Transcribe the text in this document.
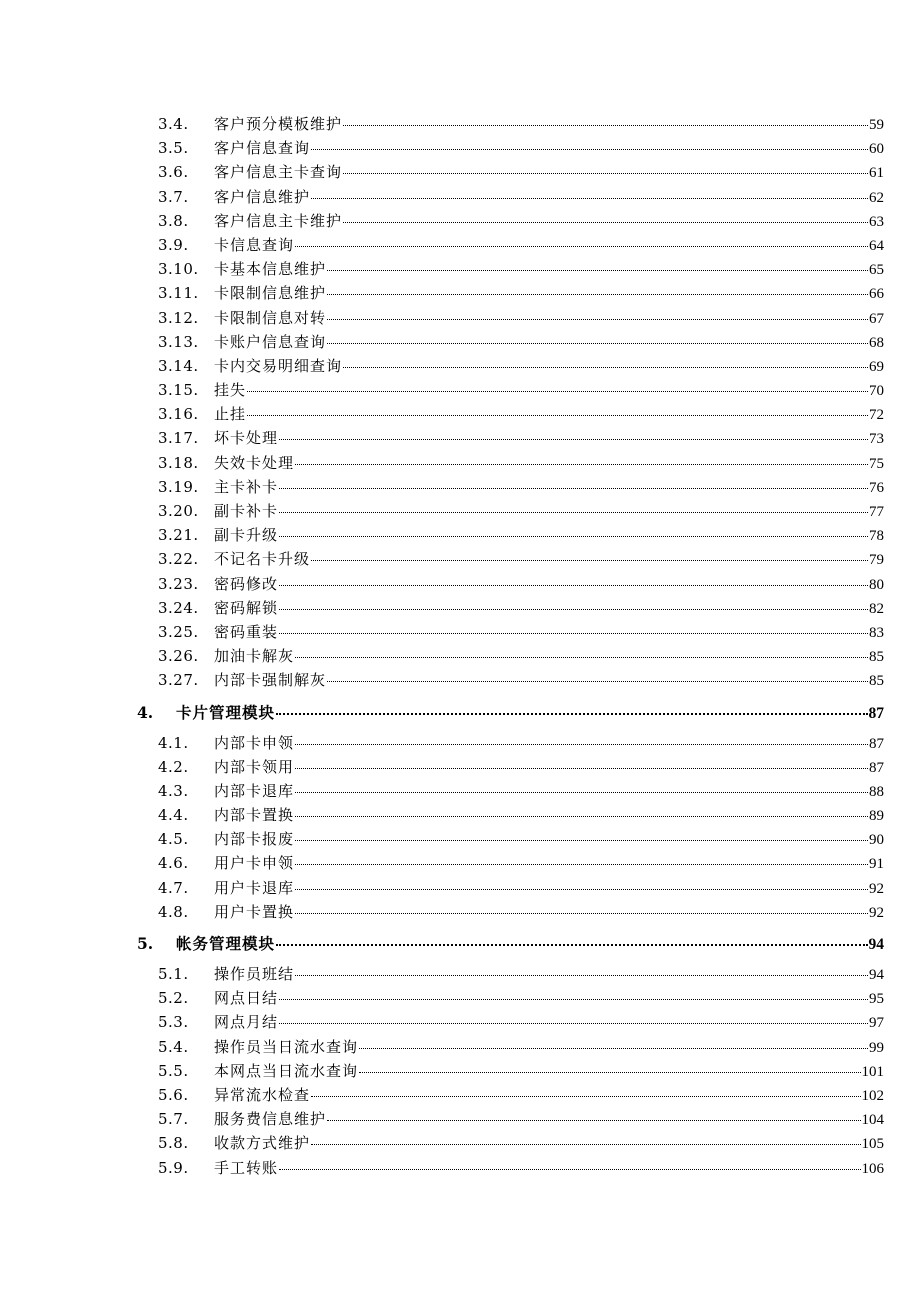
3.4. 客户预分模板维护	59
3.5. 客户信息查询	60
3.6. 客户信息主卡查询	61
3.7. 客户信息维护	62
3.8. 客户信息主卡维护	63
3.9. 卡信息查询	64
3.10. 卡基本信息维护	65
3.11. 卡限制信息维护	66
3.12. 卡限制信息对转	67
3.13. 卡账户信息查询	68
3.14. 卡内交易明细查询	69
3.15. 挂失	70
3.16. 止挂	72
3.17. 坏卡处理	73
3.18. 失效卡处理	75
3.19. 主卡补卡	76
3.20. 副卡补卡	77
3.21. 副卡升级	78
3.22. 不记名卡升级	79
3.23. 密码修改	80
3.24. 密码解锁	82
3.25. 密码重装	83
3.26. 加油卡解灰	85
3.27. 内部卡强制解灰	85
4. 卡片管理模块	87
4.1. 内部卡申领	87
4.2. 内部卡领用	87
4.3. 内部卡退库	88
4.4. 内部卡置换	89
4.5. 内部卡报废	90
4.6. 用户卡申领	91
4.7. 用户卡退库	92
4.8. 用户卡置换	92
5. 帐务管理模块	94
5.1. 操作员班结	94
5.2. 网点日结	95
5.3. 网点月结	97
5.4. 操作员当日流水查询	99
5.5. 本网点当日流水查询	101
5.6. 异常流水检查	102
5.7. 服务费信息维护	104
5.8. 收款方式维护	105
5.9. 手工转账	106
